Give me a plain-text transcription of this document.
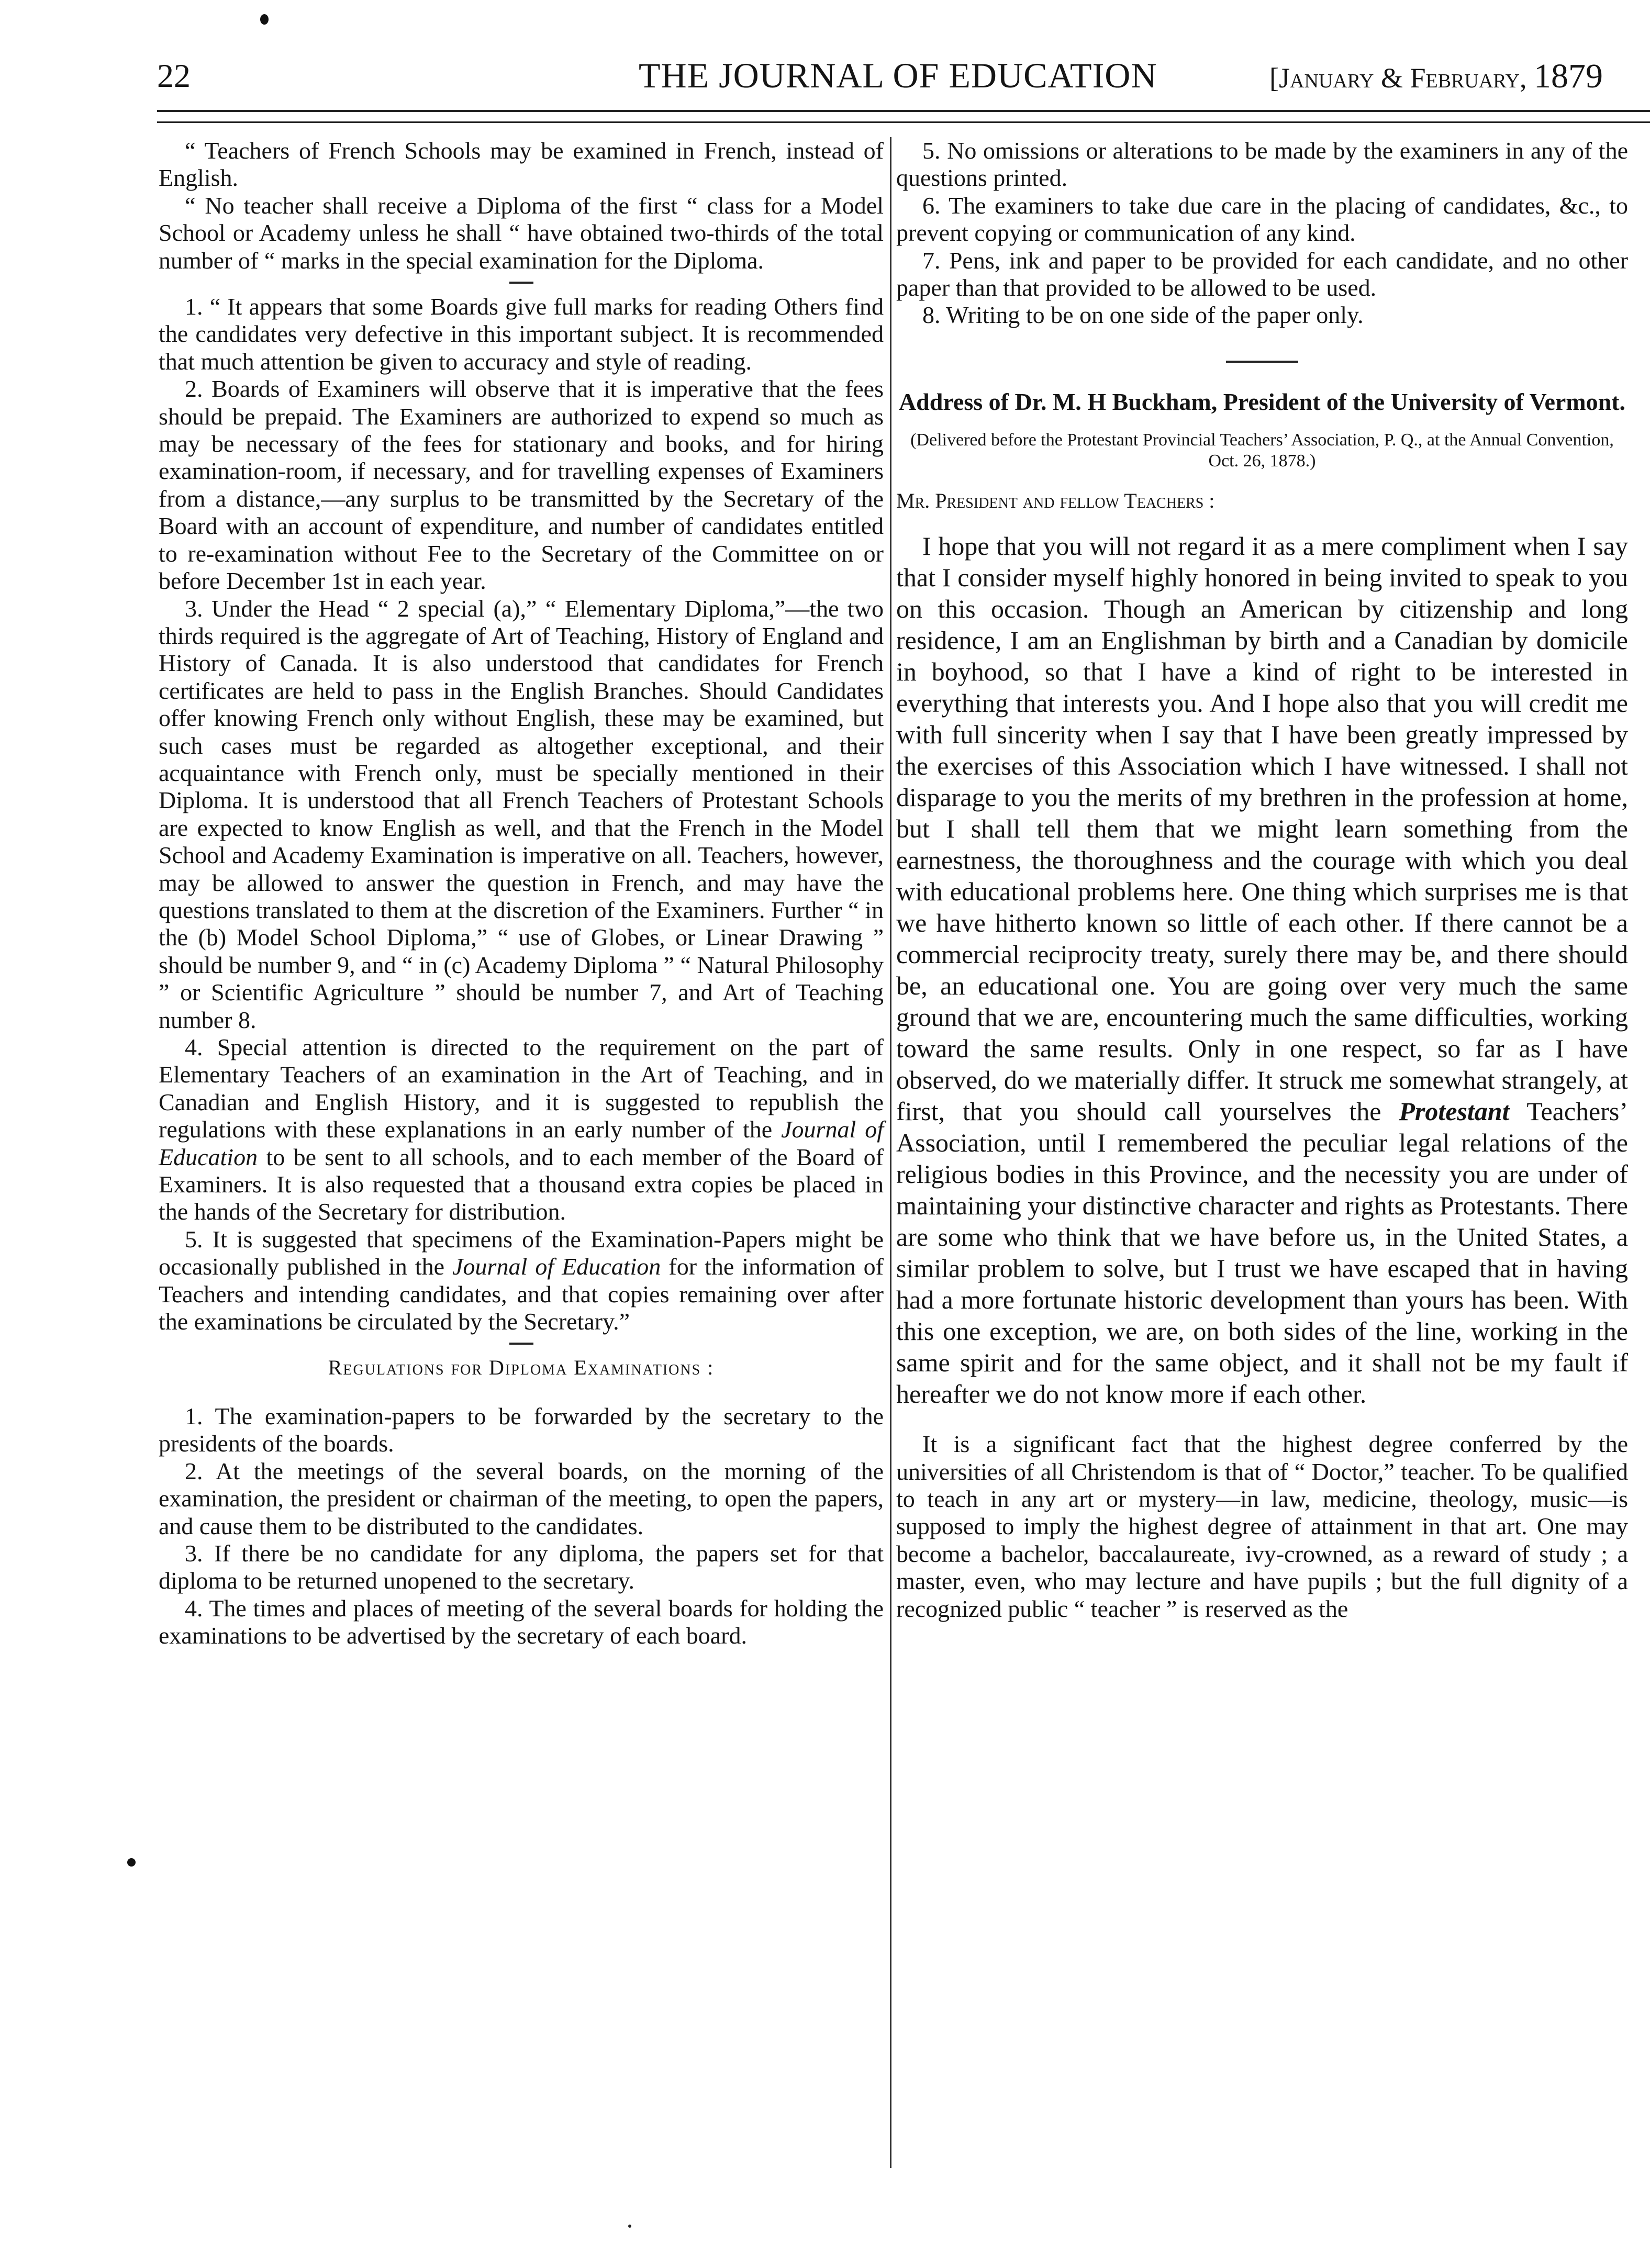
22	THE JOURNAL OF EDUCATION	[January & February, 1879

“ Teachers of French Schools may be examined in French, instead of English.

“ No teacher shall receive a Diploma of the first “ class for a Model School or Academy unless he shall “ have obtained two-thirds of the total number of “ marks in the special examination for the Diploma.

1. “ It appears that some Boards give full marks for reading Others find the candidates very defective in this important subject. It is recommended that much attention be given to accuracy and style of reading.

2. Boards of Examiners will observe that it is imperative that the fees should be prepaid. The Examiners are authorized to expend so much as may be necessary of the fees for stationary and books, and for hiring examination-room, if necessary, and for travelling expenses of Examiners from a distance,—any surplus to be transmitted by the Secretary of the Board with an account of expenditure, and number of candidates entitled to re-examination without Fee to the Secretary of the Committee on or before December 1st in each year.

3. Under the Head “ 2 special (a),” “ Elementary Diploma,”—the two thirds required is the aggregate of Art of Teaching, History of England and History of Canada. It is also understood that candidates for French certificates are held to pass in the English Branches. Should Candidates offer knowing French only without English, these may be examined, but such cases must be regarded as altogether exceptional, and their acquaintance with French only, must be specially mentioned in their Diploma. It is understood that all French Teachers of Protestant Schools are expected to know English as well, and that the French in the Model School and Academy Examination is imperative on all. Teachers, however, may be allowed to answer the question in French, and may have the questions translated to them at the discretion of the Examiners. Further “ in the (b) Model School Diploma,” “ use of Globes, or Linear Drawing ” should be number 9, and “ in (c) Academy Diploma ” “ Natural Philosophy ” or Scientific Agriculture ” should be number 7, and Art of Teaching number 8.

4. Special attention is directed to the requirement on the part of Elementary Teachers of an examination in the Art of Teaching, and in Canadian and English History, and it is suggested to republish the regulations with these explanations in an early number of the Journal of Education to be sent to all schools, and to each member of the Board of Examiners. It is also requested that a thousand extra copies be placed in the hands of the Secretary for distribution.

5. It is suggested that specimens of the Examination-Papers might be occasionally published in the Journal of Education for the information of Teachers and intending candidates, and that copies remaining over after the examinations be circulated by the Secretary.”

Regulations for Diploma Examinations :

1. The examination-papers to be forwarded by the secretary to the presidents of the boards.

2. At the meetings of the several boards, on the morning of the examination, the president or chairman of the meeting, to open the papers, and cause them to be distributed to the candidates.

3. If there be no candidate for any diploma, the papers set for that diploma to be returned unopened to the secretary.

4. The times and places of meeting of the several boards for holding the examinations to be advertised by the secretary of each board.

5. No omissions or alterations to be made by the examiners in any of the questions printed.

6. The examiners to take due care in the placing of candidates, &c., to prevent copying or communication of any kind.

7. Pens, ink and paper to be provided for each candidate, and no other paper than that provided to be allowed to be used.

8. Writing to be on one side of the paper only.

Address of Dr. M. H Buckham, President of the University of Vermont.
(Delivered before the Protestant Provincial Teachers’ Association, P. Q., at the Annual Convention, Oct. 26, 1878.)
Mr. President and fellow Teachers :

I hope that you will not regard it as a mere compliment when I say that I consider myself highly honored in being invited to speak to you on this occasion. Though an American by citizenship and long residence, I am an Englishman by birth and a Canadian by domicile in boyhood, so that I have a kind of right to be interested in everything that interests you. And I hope also that you will credit me with full sincerity when I say that I have been greatly impressed by the exercises of this Association which I have witnessed. I shall not disparage to you the merits of my brethren in the profession at home, but I shall tell them that we might learn something from the earnestness, the thoroughness and the courage with which you deal with educational problems here. One thing which surprises me is that we have hitherto known so little of each other. If there cannot be a commercial reciprocity treaty, surely there may be, and there should be, an educational one. You are going over very much the same ground that we are, encountering much the same difficulties, working toward the same results. Only in one respect, so far as I have observed, do we materially differ. It struck me somewhat strangely, at first, that you should call yourselves the Protestant Teachers’ Association, until I remembered the peculiar legal relations of the religious bodies in this Province, and the necessity you are under of maintaining your distinctive character and rights as Protestants. There are some who think that we have before us, in the United States, a similar problem to solve, but I trust we have escaped that in having had a more fortunate historic development than yours has been. With this one exception, we are, on both sides of the line, working in the same spirit and for the same object, and it shall not be my fault if hereafter we do not know more if each other.

It is a significant fact that the highest degree conferred by the universities of all Christendom is that of “ Doctor,” teacher. To be qualified to teach in any art or mystery—in law, medicine, theology, music—is supposed to imply the highest degree of attainment in that art. One may become a bachelor, baccalaureate, ivy-crowned, as a reward of study ; a master, even, who may lecture and have pupils ; but the full dignity of a recognized public “ teacher ” is reserved as the
